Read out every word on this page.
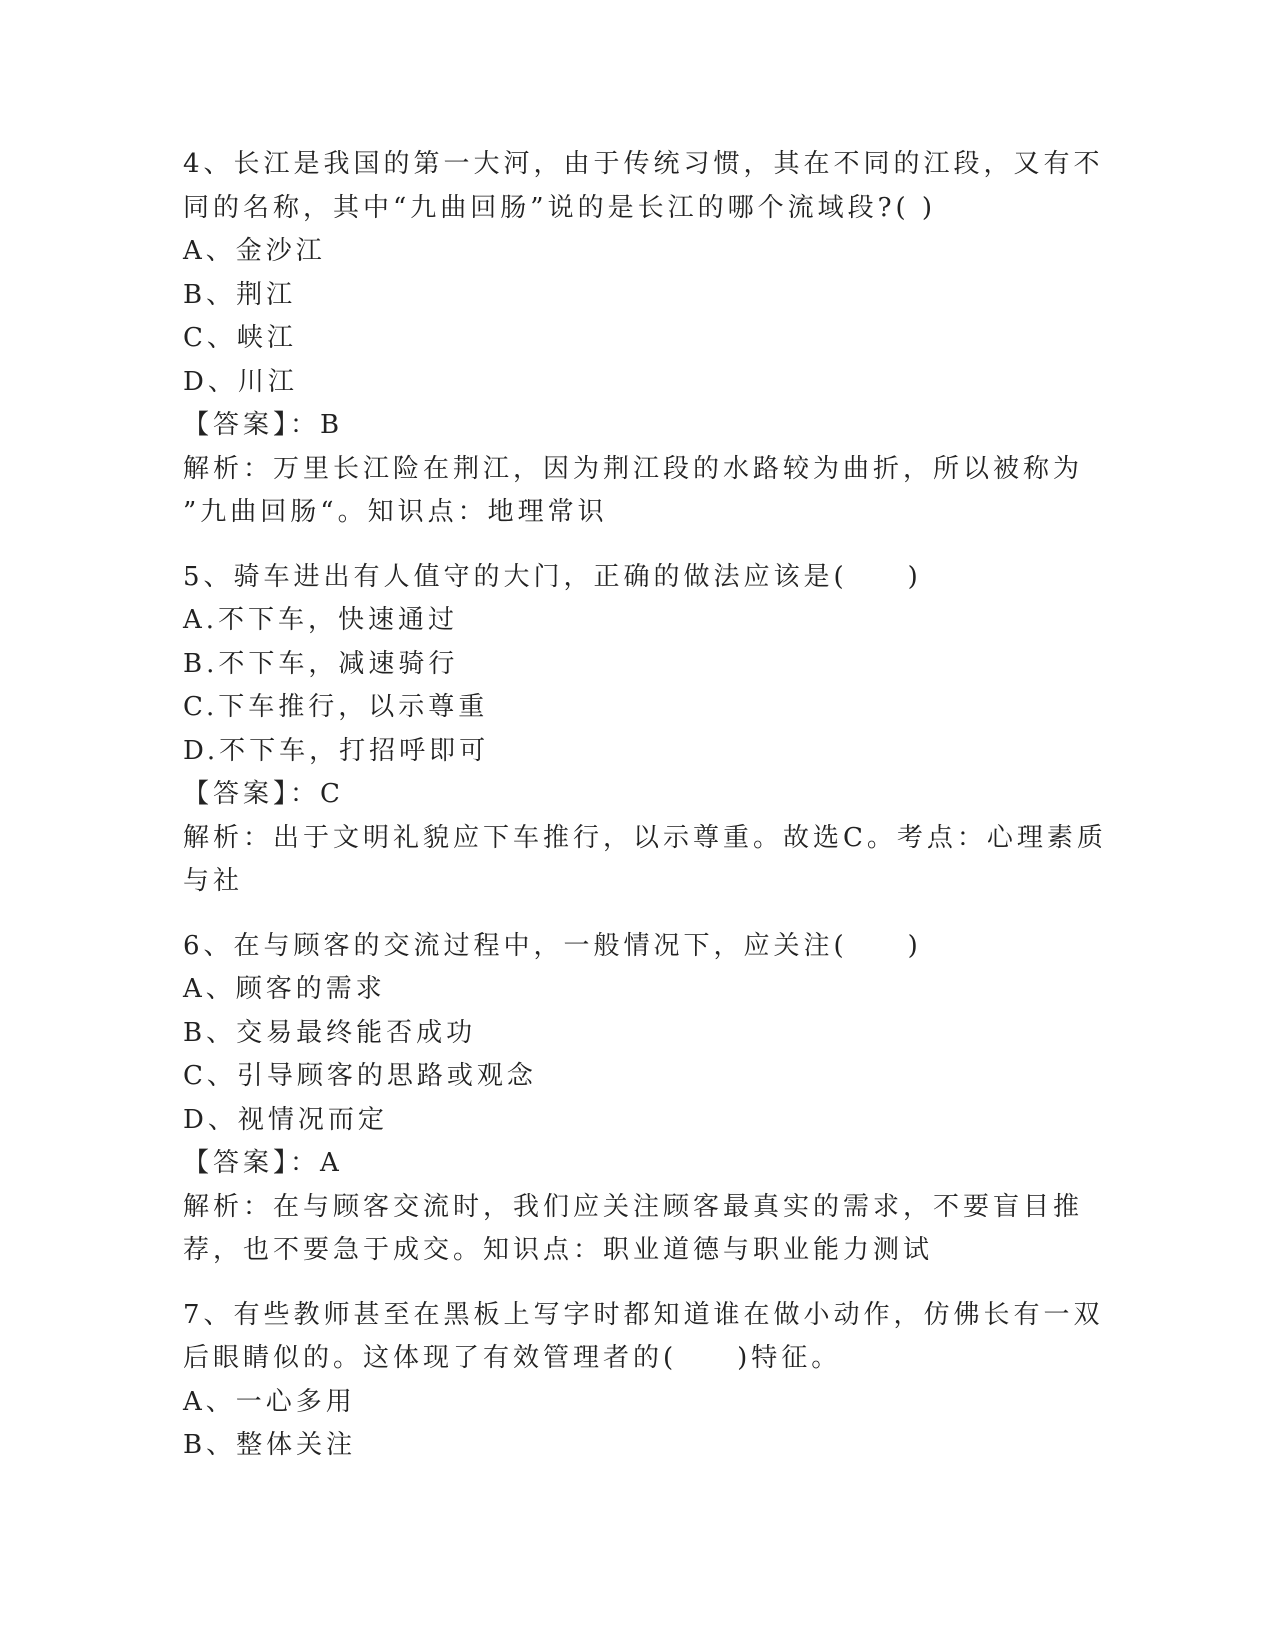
4、长江是我国的第一大河，由于传统习惯，其在不同的江段，又有不

同的名称，其中“九曲回肠”说的是长江的哪个流域段?( )

A、金沙江

B、荆江

C、峡江

D、川江

【答案】：B

解析：万里长江险在荆江，因为荆江段的水路较为曲折，所以被称为

”九曲回肠“。知识点：地理常识

5、骑车进出有人值守的大门，正确的做法应该是(　　)

A.不下车，快速通过

B.不下车，减速骑行

C.下车推行，以示尊重

D.不下车，打招呼即可

【答案】：C

解析：出于文明礼貌应下车推行，以示尊重。故选C。考点：心理素质

与社

6、在与顾客的交流过程中，一般情况下，应关注(　　)

A、顾客的需求

B、交易最终能否成功

C、引导顾客的思路或观念

D、视情况而定

【答案】：A

解析：在与顾客交流时，我们应关注顾客最真实的需求，不要盲目推

荐，也不要急于成交。知识点：职业道德与职业能力测试

7、有些教师甚至在黑板上写字时都知道谁在做小动作，仿佛长有一双

后眼睛似的。这体现了有效管理者的(　　)特征。

A、一心多用

B、整体关注
